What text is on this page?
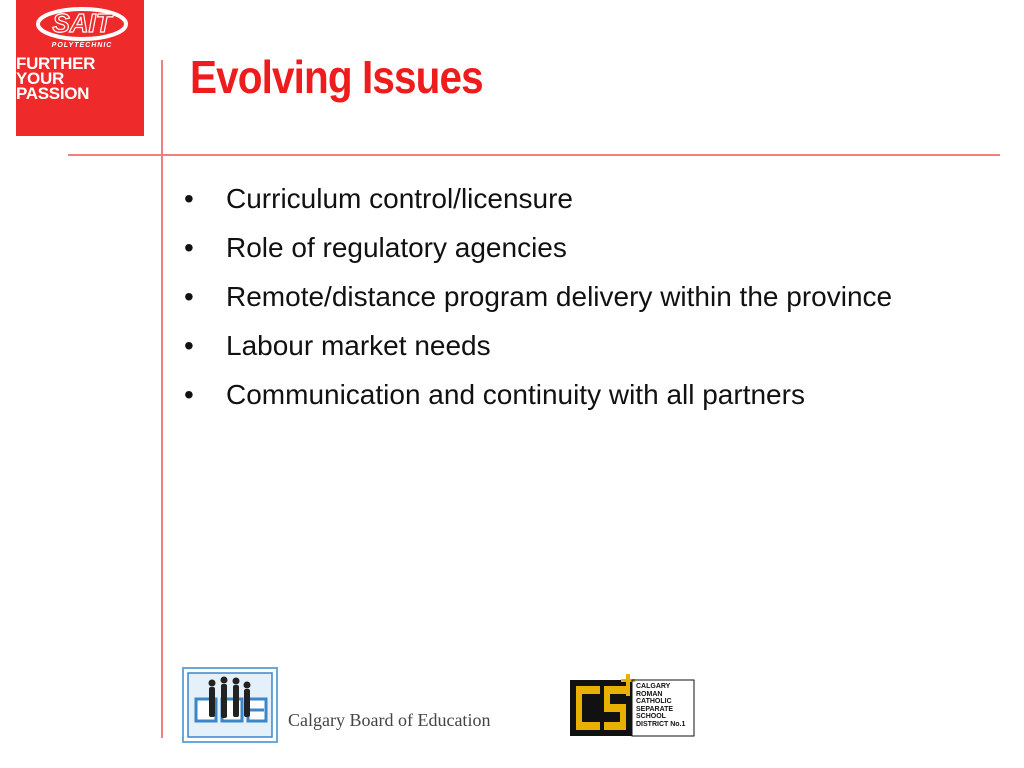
SAIT
POLYTECHNIC
FURTHER
YOUR
PASSION	Evolving Issues
• Curriculum control/licensure
• Role of regulatory agencies
• Remote/distance program delivery within the province
• Labour market needs
• Communication and continuity with all partners
Calgary Board of Education
CALGARY
ROMAN
CATHOLIC
SEPARATE
SCHOOL
DISTRICT No.1
